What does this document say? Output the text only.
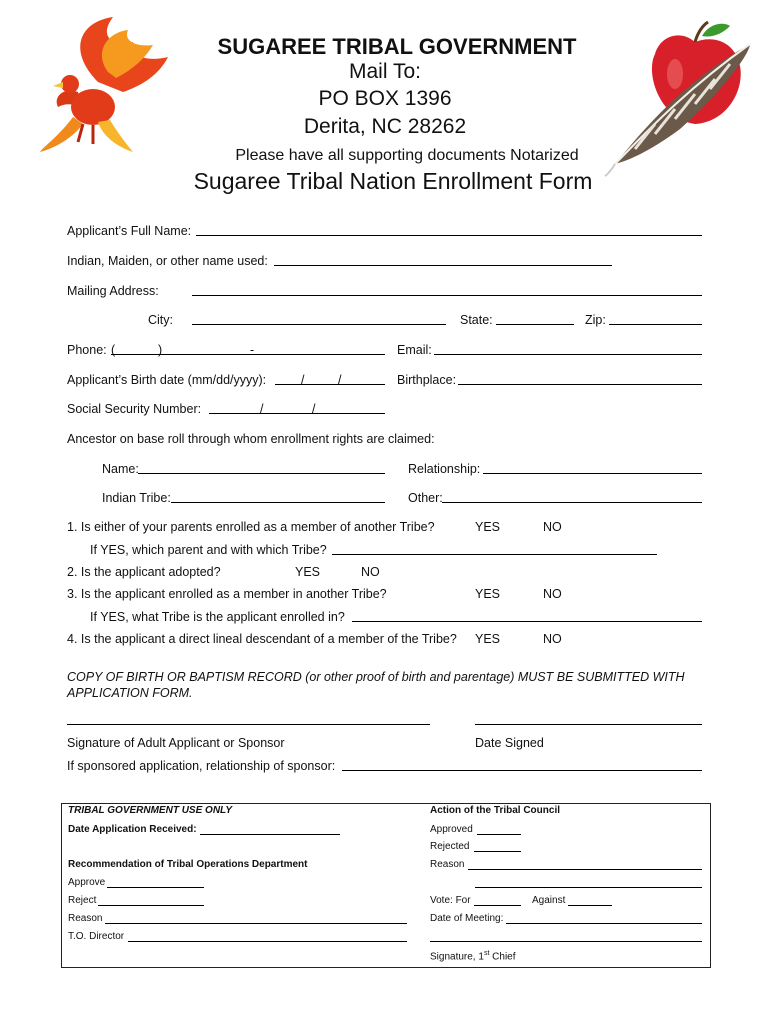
SUGAREE TRIBAL GOVERNMENT
Mail To:
PO BOX 1396
Derita, NC 28262
Please have all supporting documents Notarized
Sugaree Tribal Nation Enrollment Form
Applicant’s Full Name:
Indian, Maiden, or other name used:
Mailing Address:
City:	State:	Zip:
Phone: (	)	-	Email:
Applicant’s Birth date (mm/dd/yyyy):	/	/	Birthplace:
Social Security Number:	/	/
Ancestor on base roll through whom enrollment rights are claimed:
Name:	Relationship:
Indian Tribe:	Other:
1. Is either of your parents enrolled as a member of another Tribe?	YES	NO
If YES, which parent and with which Tribe?
2. Is the applicant adopted?	YES	NO
3. Is the applicant enrolled as a member in another Tribe?	YES	NO
If YES, what Tribe is the applicant enrolled in?
4. Is the applicant a direct lineal descendant of a member of the Tribe? YES	NO
COPY OF BIRTH OR BAPTISM RECORD (or other proof of birth and parentage) MUST BE SUBMITTED WITH
APPLICATION FORM.
Signature of Adult Applicant or Sponsor	Date Signed
If sponsored application, relationship of sponsor:
TRIBAL GOVERNMENT USE ONLY
Date Application Received:
Recommendation of Tribal Operations Department
Approve
Reject
Reason
T.O. Director
Action of the Tribal Council
Approved
Rejected
Reason
Vote: For	Against
Date of Meeting:
Signature, 1st Chief
